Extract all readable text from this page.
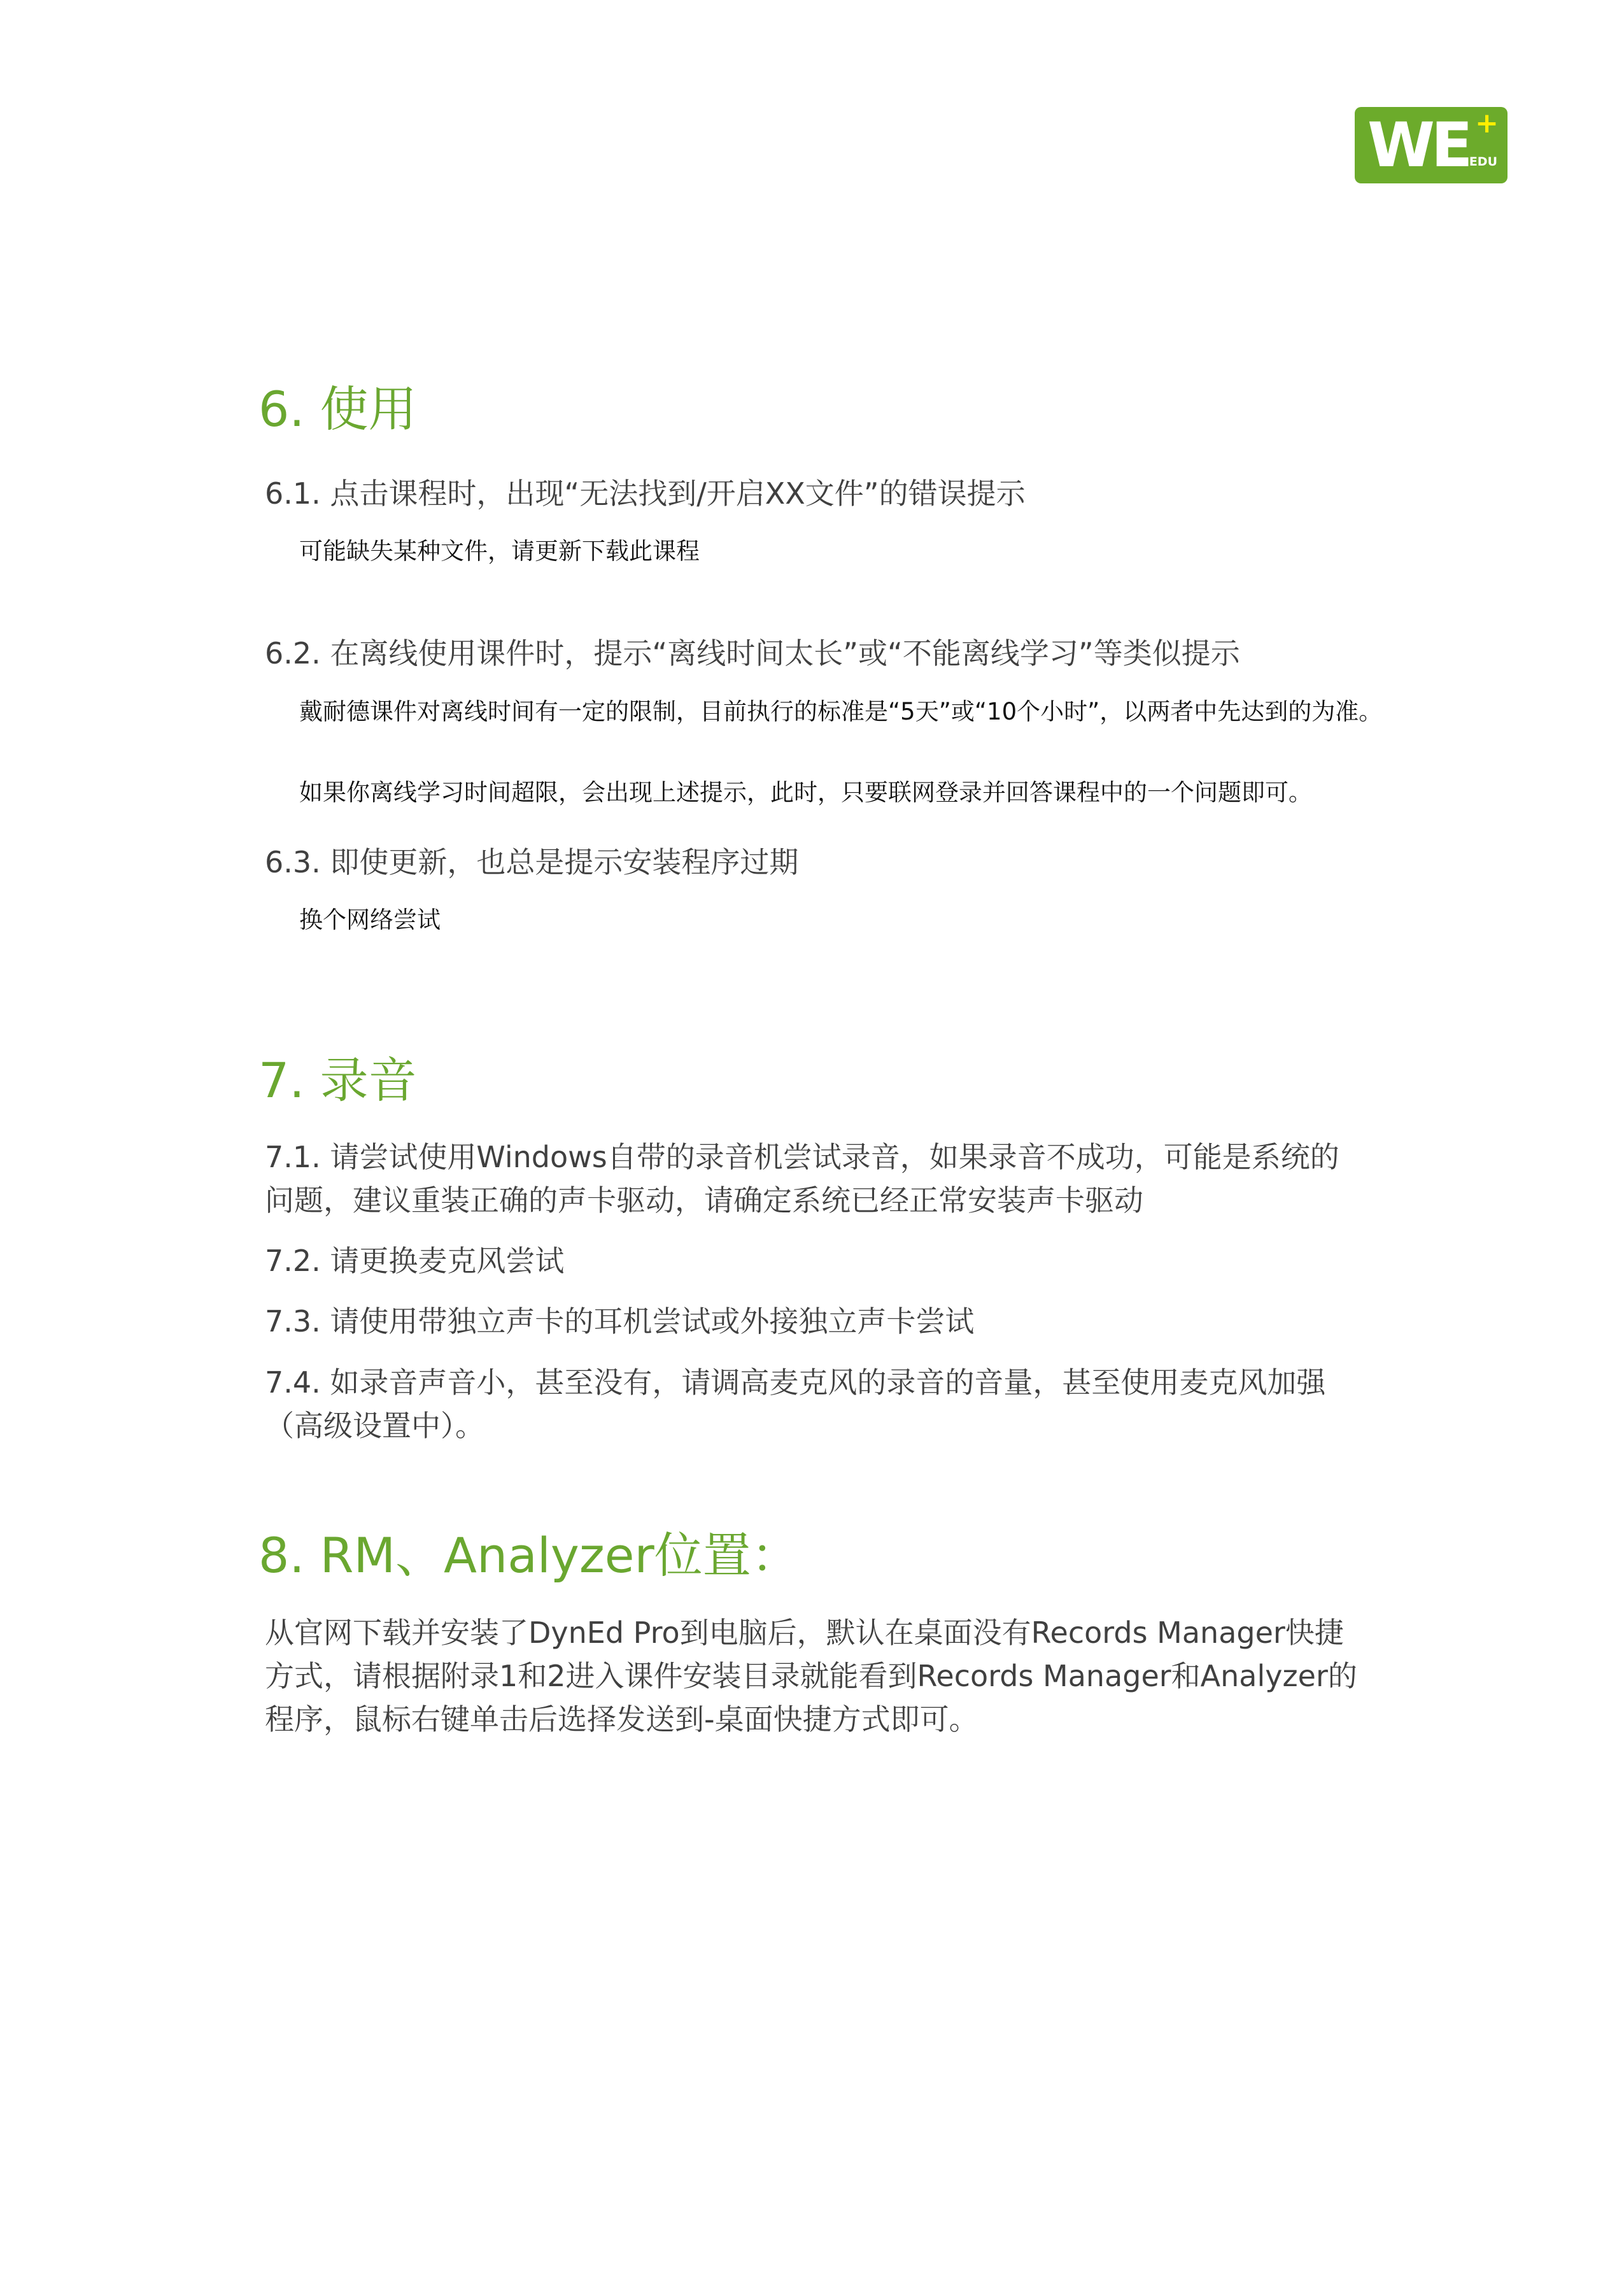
WE +
EDU
6. 使用

6.1. 点击课程时，出现“无法找到/开启XX文件”的错误提示

可能缺失某种文件，请更新下载此课程

6.2. 在离线使用课件时，提示“离线时间太长”或“不能离线学习”等类似提示

戴耐德课件对离线时间有一定的限制，目前执行的标准是“5天”或“10个小时”，以两者中先达到的为准。

如果你离线学习时间超限，会出现上述提示，此时，只要联网登录并回答课程中的一个问题即可。

6.3. 即使更新，也总是提示安装程序过期

换个网络尝试

7. 录音

7.1. 请尝试使用Windows自带的录音机尝试录音，如果录音不成功，可能是系统的问题，建议重装正确的声卡驱动，请确定系统已经正常安装声卡驱动

7.2. 请更换麦克风尝试

7.3. 请使用带独立声卡的耳机尝试或外接独立声卡尝试

7.4. 如录音声音小，甚至没有，请调高麦克风的录音的音量，甚至使用麦克风加强（高级设置中）。

8. RM、Analyzer位置：

从官网下载并安装了DynEd Pro到电脑后，默认在桌面没有Records Manager快捷方式，请根据附录1和2进入课件安装目录就能看到Records Manager和Analyzer的程序，鼠标右键单击后选择发送到-桌面快捷方式即可。
